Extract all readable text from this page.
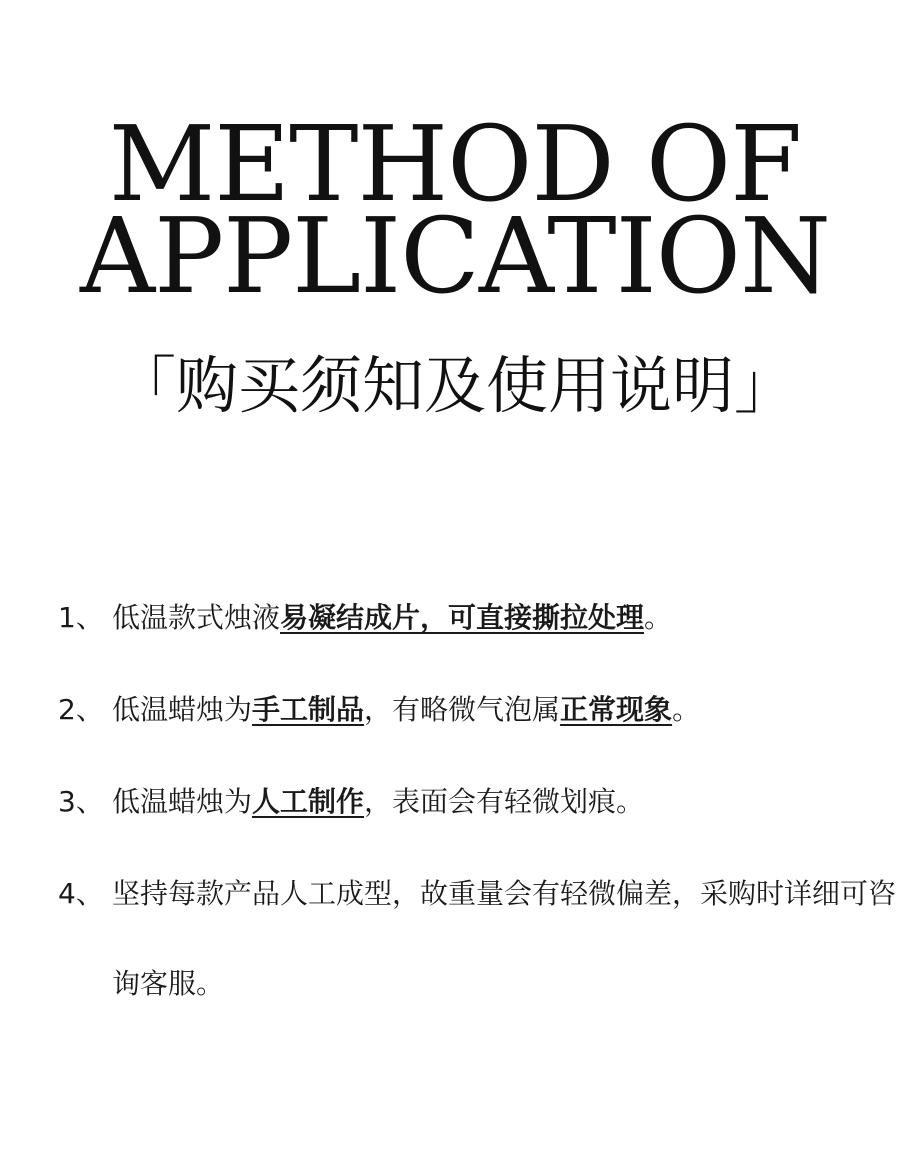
METHOD OF
APPLICATION
「购买须知及使用说明」
1、 低温款式烛液易凝结成片，可直接撕拉处理。
2、 低温蜡烛为手工制品，有略微气泡属正常现象。
3、 低温蜡烛为人工制作，表面会有轻微划痕。
4、 坚持每款产品人工成型，故重量会有轻微偏差，采购时详细可咨询客服。
